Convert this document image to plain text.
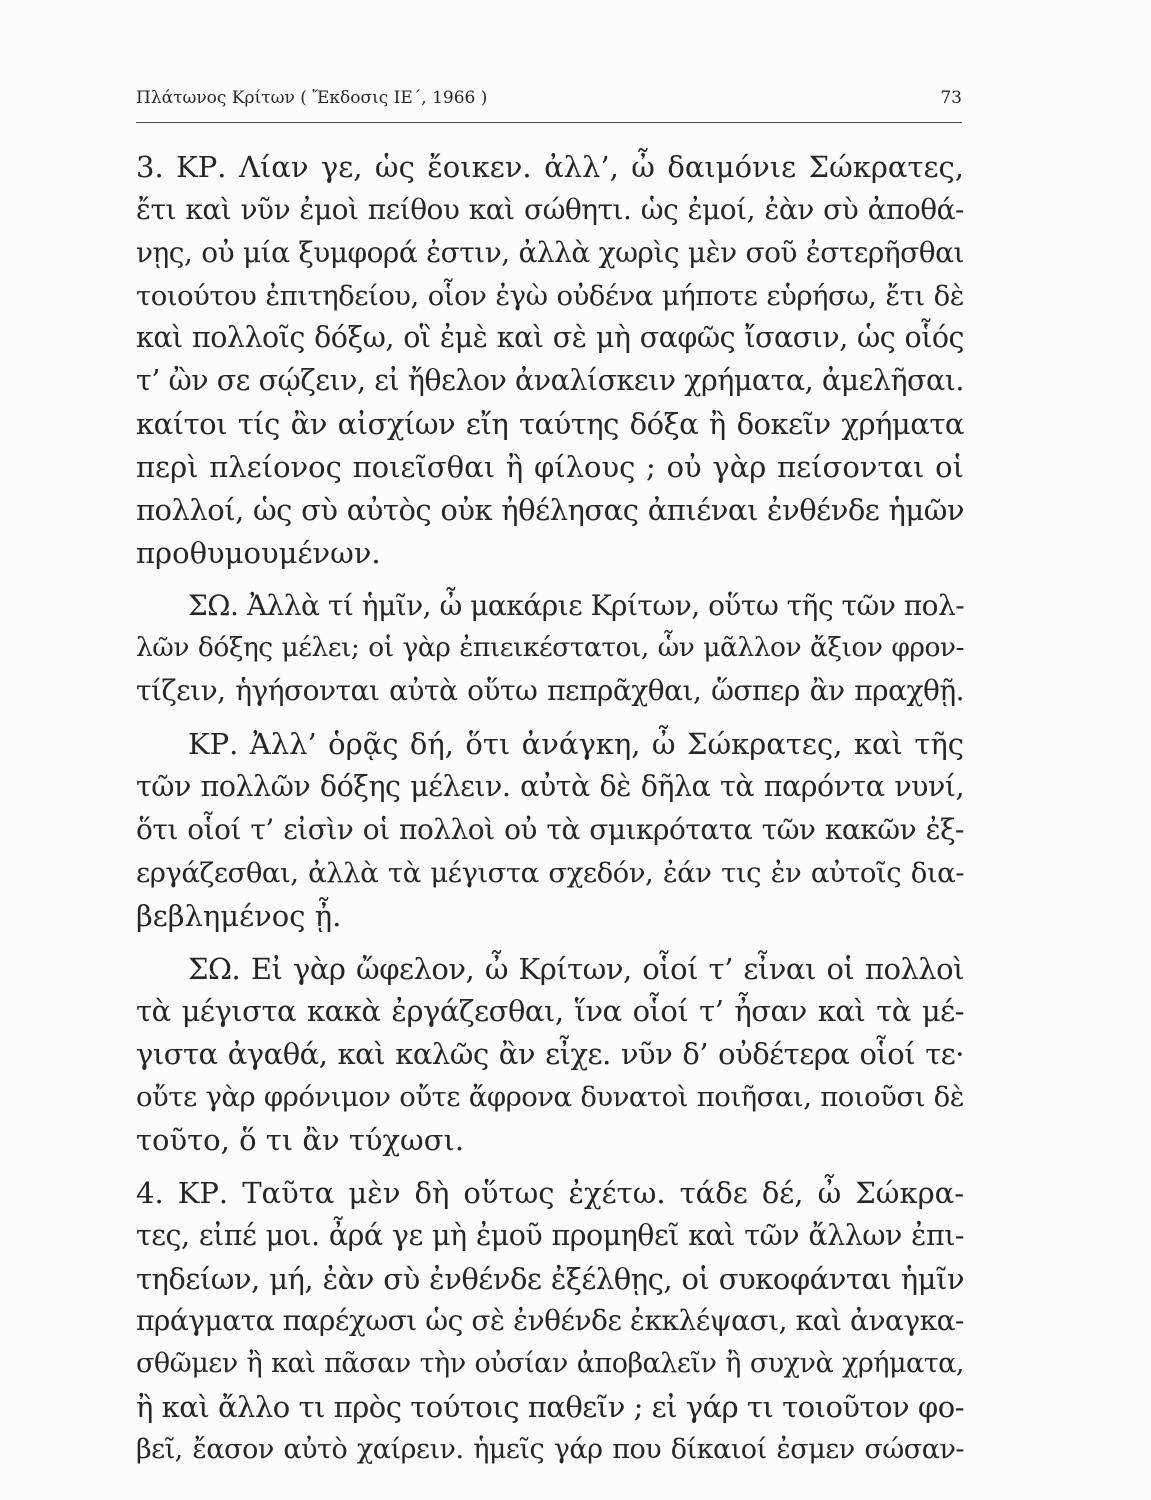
Πλάτωνος Κρίτων ( Ἔκδοσις ΙΕ΄, 1966 )	73
3. ΚΡ. Λίαν γε, ὡς ἔοικεν. ἀλλ’, ὦ δαιμόνιε Σώκρατες,
ἔτι καὶ νῦν ἐμοὶ πείθου καὶ σώθητι. ὡς ἐμοί, ἐὰν σὺ ἀποθά-
νῃς, οὐ μία ξυμφορά ἐστιν, ἀλλὰ χωρὶς μὲν σοῦ ἐστερῆσθαι
τοιούτου ἐπιτηδείου, οἷον ἐγὼ οὐδένα μήποτε εὑρήσω, ἔτι δὲ
καὶ πολλοῖς δόξω, οἳ ἐμὲ καὶ σὲ μὴ σαφῶς ἴσασιν, ὡς οἷός
τ’ ὢν σε σῴζειν, εἰ ἤθελον ἀναλίσκειν χρήματα, ἀμελῆσαι.
καίτοι τίς ἂν αἰσχίων εἴη ταύτης δόξα ἢ δοκεῖν χρήματα
περὶ πλείονος ποιεῖσθαι ἢ φίλους ; οὐ γὰρ πείσονται οἱ
πολλοί, ὡς σὺ αὐτὸς οὐκ ἠθέλησας ἀπιέναι ἐνθένδε ἡμῶν
προθυμουμένων.
ΣΩ. Ἀλλὰ τί ἡμῖν, ὦ μακάριε Κρίτων, οὕτω τῆς τῶν πολ-
λῶν δόξης μέλει; οἱ γὰρ ἐπιεικέστατοι, ὧν μᾶλλον ἄξιον φρον-
τίζειν, ἡγήσονται αὐτὰ οὕτω πεπρᾶχθαι, ὥσπερ ἂν πραχθῇ.
ΚΡ. Ἀλλ’ ὁρᾷς δή, ὅτι ἀνάγκη, ὦ Σώκρατες, καὶ τῆς
τῶν πολλῶν δόξης μέλειν. αὐτὰ δὲ δῆλα τὰ παρόντα νυνί,
ὅτι οἷοί τ’ εἰσὶν οἱ πολλοὶ οὐ τὰ σμικρότατα τῶν κακῶν ἐξ-
εργάζεσθαι, ἀλλὰ τὰ μέγιστα σχεδόν, ἐάν τις ἐν αὐτοῖς δια-
βεβλημένος ᾖ.
ΣΩ. Εἰ γὰρ ὤφελον, ὦ Κρίτων, οἷοί τ’ εἶναι οἱ πολλοὶ
τὰ μέγιστα κακὰ ἐργάζεσθαι, ἵνα οἷοί τ’ ἦσαν καὶ τὰ μέ-
γιστα ἀγαθά, καὶ καλῶς ἂν εἶχε. νῦν δ’ οὐδέτερα οἷοί τε·
οὔτε γὰρ φρόνιμον οὔτε ἄφρονα δυνατοὶ ποιῆσαι, ποιοῦσι δὲ
τοῦτο, ὅ τι ἂν τύχωσι.
4. ΚΡ. Ταῦτα μὲν δὴ οὕτως ἐχέτω. τάδε δέ, ὦ Σώκρα-
τες, εἰπέ μοι. ἆρά γε μὴ ἐμοῦ προμηθεῖ καὶ τῶν ἄλλων ἐπι-
τηδείων, μή, ἐὰν σὺ ἐνθένδε ἐξέλθῃς, οἱ συκοφάνται ἡμῖν
πράγματα παρέχωσι ὡς σὲ ἐνθένδε ἐκκλέψασι, καὶ ἀναγκα-
σθῶμεν ἢ καὶ πᾶσαν τὴν οὐσίαν ἀποβαλεῖν ἢ συχνὰ χρήματα,
ἢ καὶ ἄλλο τι πρὸς τούτοις παθεῖν ; εἰ γάρ τι τοιοῦτον φο-
βεῖ, ἔασον αὐτὸ χαίρειν. ἡμεῖς γάρ που δίκαιοί ἐσμεν σώσαν-
